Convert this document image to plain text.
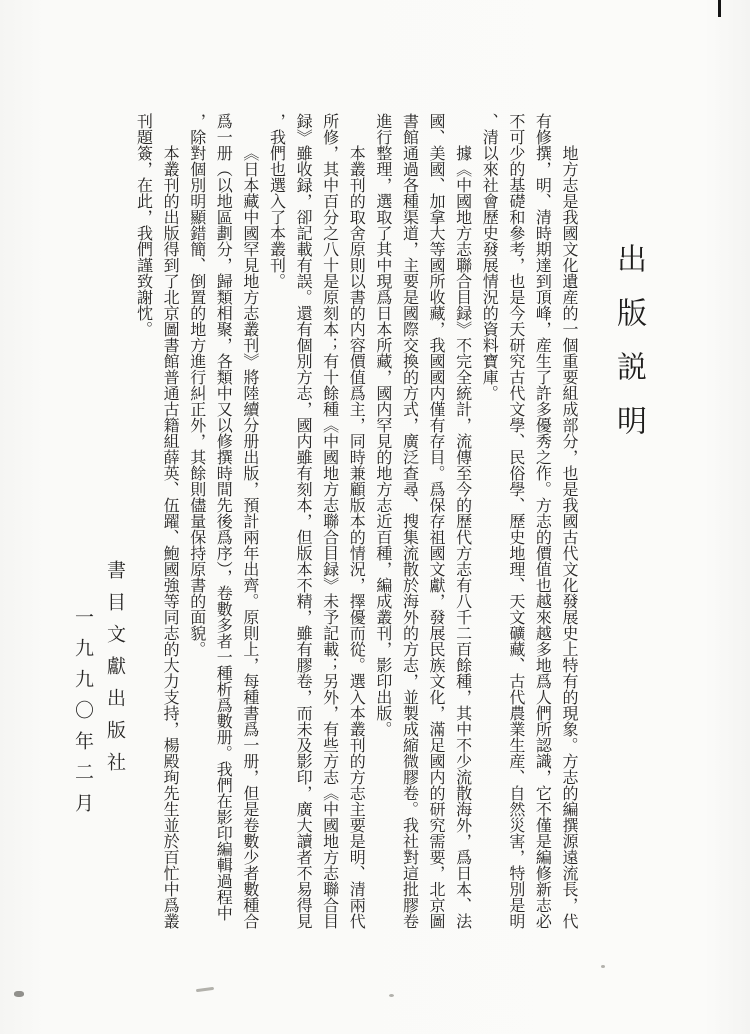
出版説明

地方志是我國文化遺産的一個重要組成部分，也是我國古代文化發展史上特有的現象。方志的編撰源遠流長，代有修撰，明、清時期達到頂峰，産生了許多優秀之作。方志的價值也越來越多地爲人們所認識，它不僅是編修新志必不可少的基礎和參考，也是今天研究古代文學、民俗學、歷史地理、天文礦藏、古代農業生産、自然災害，特別是明、清以來社會歷史發展情況的資料寶庫。

據《中國地方志聯合目録》不完全統計，流傳至今的歷代方志有八千二百餘種，其中不少流散海外，爲日本、法國、美國、加拿大等國所收藏，我國國内僅有存目。爲保存祖國文獻，發展民族文化，滿足國内的研究需要，北京圖書館通過各種渠道，主要是國際交換的方式，廣泛查尋、搜集流散於海外的方志，並製成縮微膠卷。我社對這批膠卷進行整理，選取了其中現爲日本所藏，國内罕見的地方志近百種，編成叢刊，影印出版。

本叢刊的取舍原則以書的内容價值爲主，同時兼顧版本的情況，擇優而從。選入本叢刊的方志主要是明、清兩代所修，其中百分之八十是原刻本；有十餘種《中國地方志聯合目録》未予記載；另外，有些方志《中國地方志聯合目録》雖收録，卻記載有誤。還有個別方志，國内雖有刻本，但版本不精，雖有膠卷，而未及影印，廣大讀者不易得見，我們也選入了本叢刊。

《日本藏中國罕見地方志叢刊》將陸續分册出版，預計兩年出齊。原則上，每種書爲一册，但是卷數少者數種合爲一册（以地區劃分，歸類相聚，各類中又以修撰時間先後爲序），卷數多者一種析爲數册。我們在影印編輯過程中，除對個別明顯錯簡、倒置的地方進行糾正外，其餘則儘量保持原書的面貌。

本叢刊的出版得到了北京圖書館普通古籍組薛英、伍躍、鮑國強等同志的大力支持，楊殿珣先生並於百忙中爲叢刊題簽，在此，我們謹致謝忱。

書目文獻出版社
一九九〇年二月
